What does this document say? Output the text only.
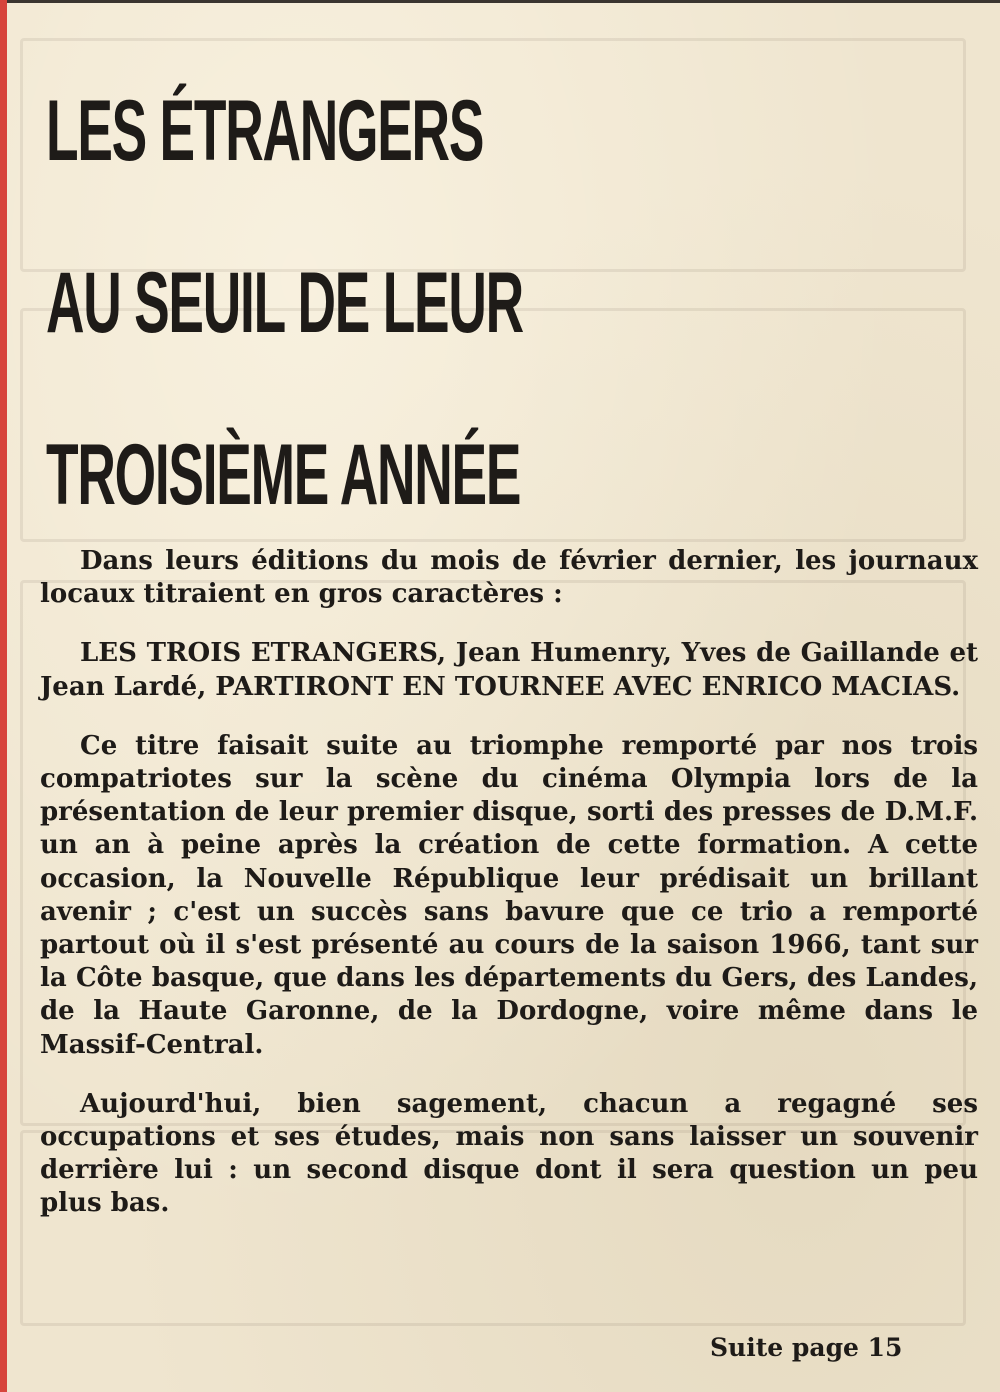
LES ÉTRANGERS
AU SEUIL DE LEUR
TROISIÈME ANNÉE

Dans leurs éditions du mois de février dernier, les journaux locaux titraient en gros caractères :

LES TROIS ETRANGERS, Jean Humenry, Yves de Gaillande et Jean Lardé, PARTIRONT EN TOURNEE AVEC ENRICO MACIAS.

Ce titre faisait suite au triomphe remporté par nos trois compatriotes sur la scène du cinéma Olympia lors de la présentation de leur premier disque, sorti des presses de D.M.F. un an à peine après la création de cette formation. A cette occasion, la Nouvelle République leur prédisait un brillant avenir ; c'est un succès sans bavure que ce trio a remporté partout où il s'est présenté au cours de la saison 1966, tant sur la Côte basque, que dans les départements du Gers, des Landes, de la Haute Garonne, de la Dordogne, voire même dans le Massif-Central.

Aujourd'hui, bien sagement, chacun a regagné ses occupations et ses études, mais non sans laisser un souvenir derrière lui : un second disque dont il sera question un peu plus bas.

Suite page 15
